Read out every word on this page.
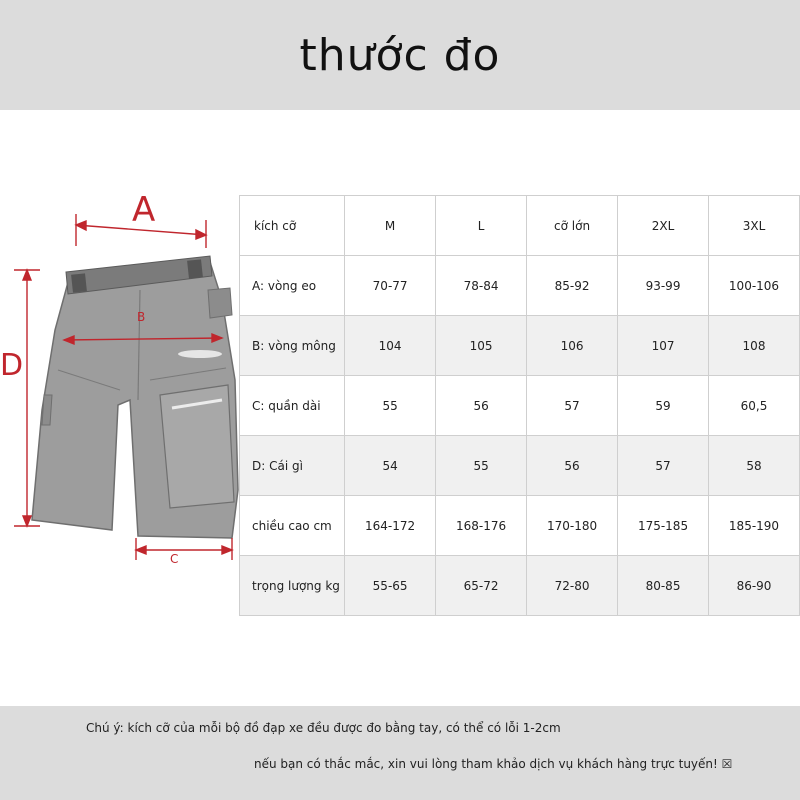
thước đo
A
B
C
D
kích cỡ	M	L	cỡ lớn	2XL	3XL
A: vòng eo	70-77	78-84	85-92	93-99	100-106
B: vòng mông	104	105	106	107	108
C: quần dài	55	56	57	59	60,5
D: Cái gì	54	55	56	57	58
chiều cao cm	164-172	168-176	170-180	175-185	185-190
trọng lượng kg	55-65	65-72	72-80	80-85	86-90
Chú ý: kích cỡ của mỗi bộ đồ đạp xe đều được đo bằng tay, có thể có lỗi 1-2cm
nếu bạn có thắc mắc, xin vui lòng tham khảo dịch vụ khách hàng trực tuyến! ☒
